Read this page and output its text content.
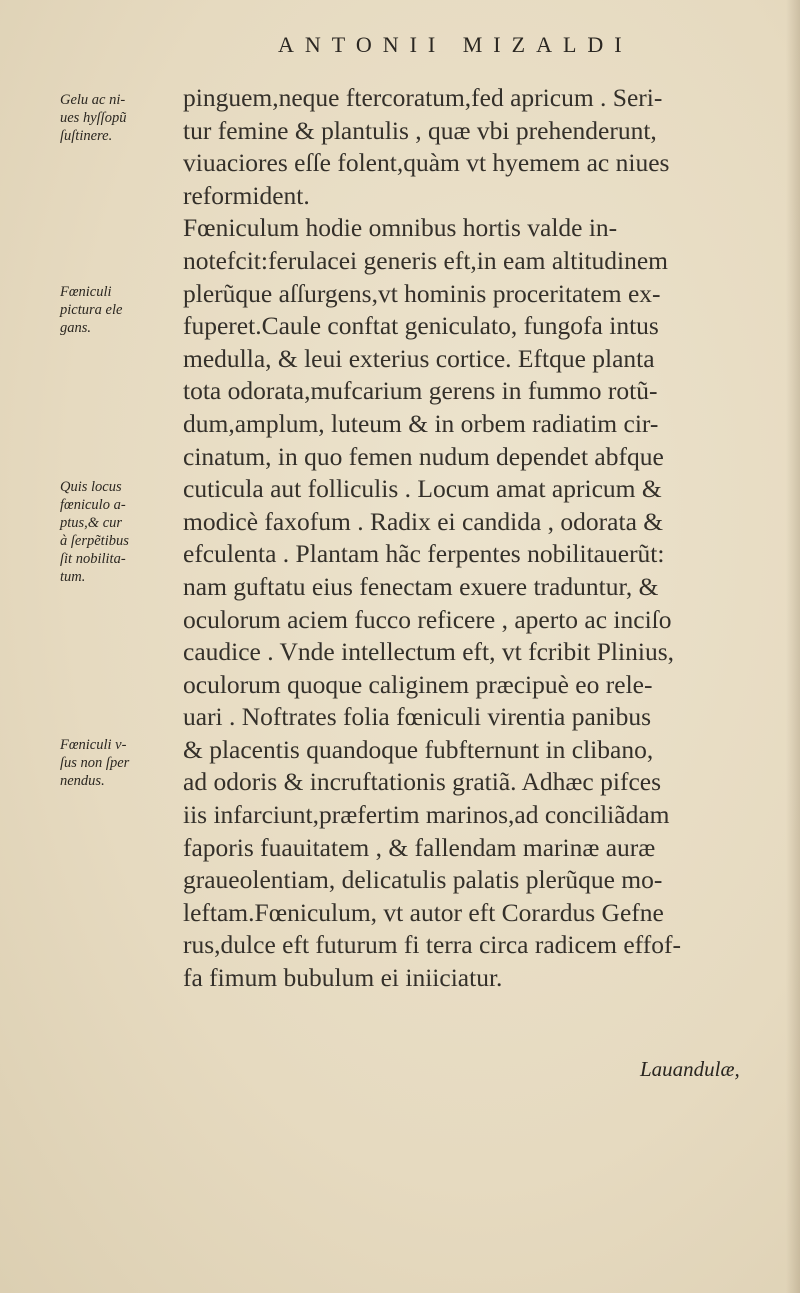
ANTONII MIZALDI
Gelu ac ni-
ues hyſſopũ
ſuſtinere.
Fœniculi
pictura ele
gans.
Quis locus
fœniculo a-
ptus,& cur
à ſerpẽtibus
ſit nobilita-
tum.
Fœniculi v-
ſus non ſper
nendus.
pinguem,neque ftercoratum,fed apricum . Seri-
tur femine & plantulis , quæ vbi prehenderunt,
viuaciores eſſe folent,quàm vt hyemem ac niues
reformident.
Fœniculum hodie omnibus hortis valde in-
notefcit:ferulacei generis eft,in eam altitudinem
plerũque aſſurgens,vt hominis proceritatem ex-
fuperet.Caule conftat geniculato, fungofa intus
medulla, & leui exterius cortice. Eftque planta
tota odorata,mufcarium gerens in fummo rotũ-
dum,amplum, luteum & in orbem radiatim cir-
cinatum, in quo femen nudum dependet abfque
cuticula aut folliculis . Locum amat apricum &
modicè faxofum . Radix ei candida , odorata &
efculenta . Plantam hãc ferpentes nobilitauerũt:
nam guftatu eius fenectam exuere traduntur, &
oculorum aciem fucco reficere , aperto ac inciſo
caudice . Vnde intellectum eft, vt fcribit Plinius,
oculorum quoque caliginem præcipuè eo rele-
uari . Noftrates folia fœniculi virentia panibus
& placentis quandoque fubfternunt in clibano,
ad odoris & incruftationis gratiã. Adhæc pifces
iis infarciunt,præfertim marinos,ad conciliãdam
faporis fuauitatem , & fallendam marinæ auræ
graueolentiam, delicatulis palatis plerũque mo-
leftam.Fœniculum, vt autor eft Corardus Gefne
rus,dulce eft futurum fi terra circa radicem effof-
fa fimum bubulum ei iniiciatur.
Lauandulæ,
